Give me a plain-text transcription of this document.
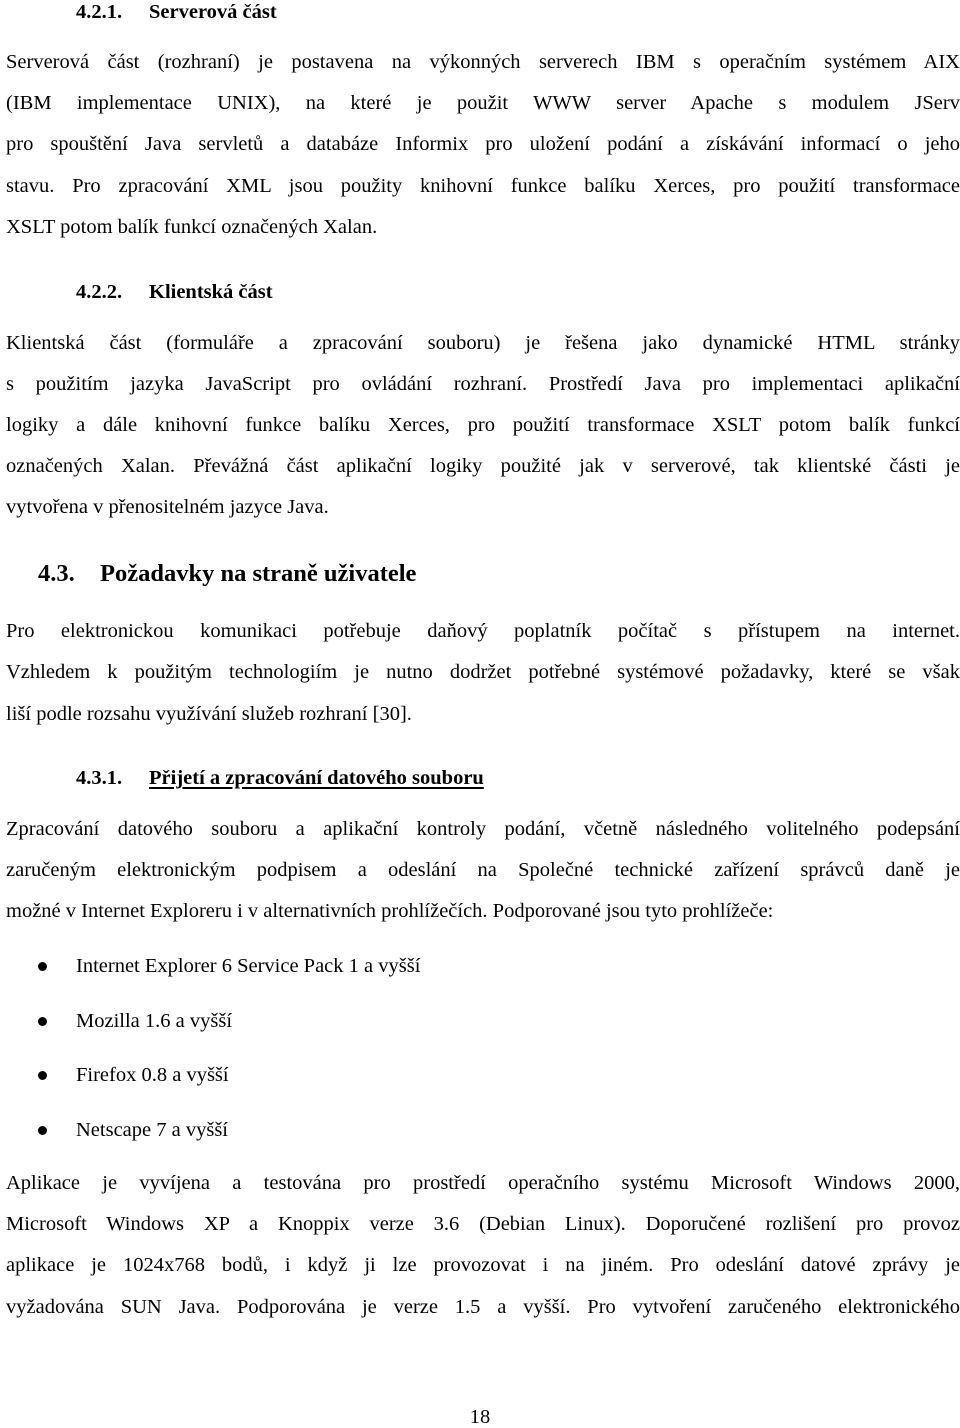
4.2.1. Serverová část
Serverová část (rozhraní) je postavena na výkonných serverech IBM s operačním systémem AIX
(IBM implementace UNIX), na které je použit WWW server Apache s modulem JServ
pro spouštění Java servletů a databáze Informix pro uložení podání a získávání informací o jeho
stavu. Pro zpracování XML jsou použity knihovní funkce balíku Xerces, pro použití transformace
XSLT potom balík funkcí označených Xalan.
4.2.2. Klientská část
Klientská část (formuláře a zpracování souboru) je řešena jako dynamické HTML stránky
s použitím jazyka JavaScript pro ovládání rozhraní. Prostředí Java pro implementaci aplikační
logiky a dále knihovní funkce balíku Xerces, pro použití transformace XSLT potom balík funkcí
označených Xalan. Převážná část aplikační logiky použité jak v serverové, tak klientské části je
vytvořena v přenositelném jazyce Java.
4.3. Požadavky na straně uživatele
Pro elektronickou komunikaci potřebuje daňový poplatník počítač s přístupem na internet.
Vzhledem k použitým technologiím je nutno dodržet potřebné systémové požadavky, které se však
liší podle rozsahu využívání služeb rozhraní [30].
4.3.1. Přijetí a zpracování datového souboru
Zpracování datového souboru a aplikační kontroly podání, včetně následného volitelného podepsání
zaručeným elektronickým podpisem a odeslání na Společné technické zařízení správců daně je
možné v Internet Exploreru i v alternativních prohlížečích. Podporované jsou tyto prohlížeče:
Internet Explorer 6 Service Pack 1 a vyšší
Mozilla 1.6 a vyšší
Firefox 0.8 a vyšší
Netscape 7 a vyšší
Aplikace je vyvíjena a testována pro prostředí operačního systému Microsoft Windows 2000,
Microsoft Windows XP a Knoppix verze 3.6 (Debian Linux). Doporučené rozlišení pro provoz
aplikace je 1024x768 bodů, i když ji lze provozovat i na jiném. Pro odeslání datové zprávy je
vyžadována SUN Java. Podporována je verze 1.5 a vyšší. Pro vytvoření zaručeného elektronického
18
